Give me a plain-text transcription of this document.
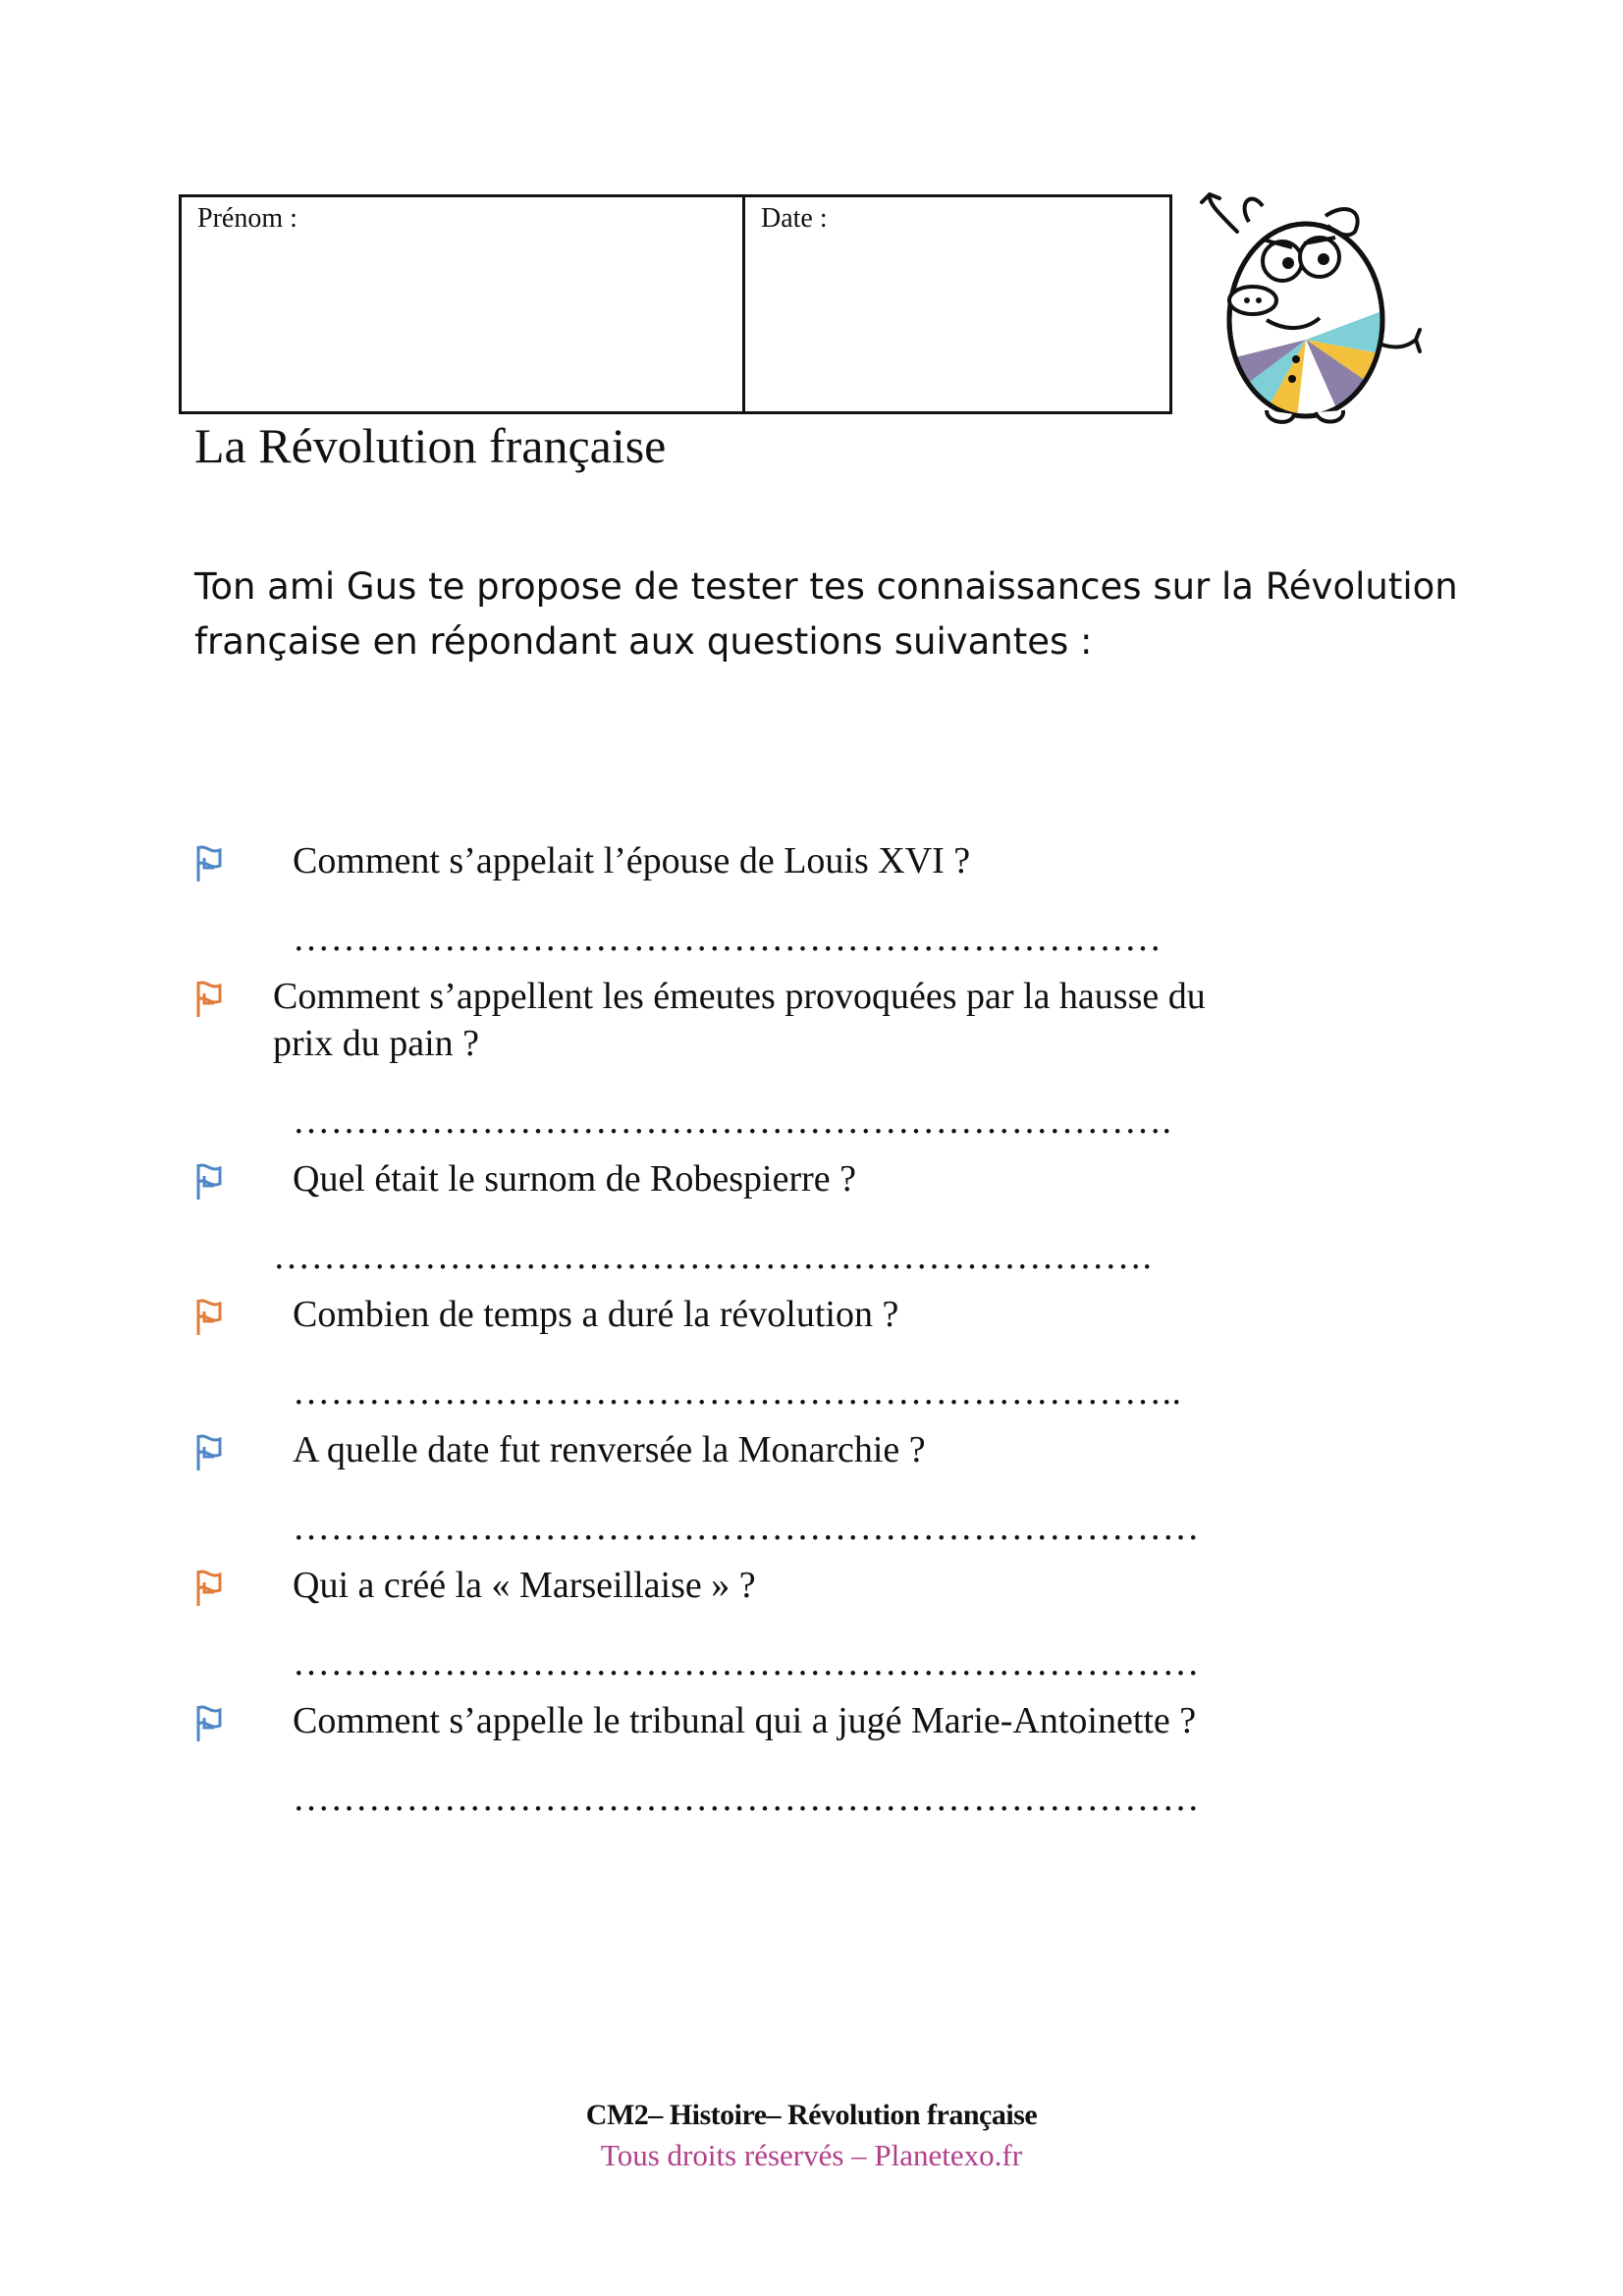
Prénom :	Date :
La Révolution française
Ton ami Gus te propose de tester tes connaissances sur la Révolution française en répondant aux questions suivantes :
Comment s’appelait l’épouse de Louis XVI ?
……………………………………………………………
Comment s’appellent les émeutes provoquées par la hausse du
prix du pain ?
…………………………………………………………….
Quel était le surnom de Robespierre ?
…………………………………………………………….
Combien de temps a duré la révolution ?
……………………………………………………………..
A quelle date fut renversée la Monarchie ?
………………………………………………………………
Qui a créé la « Marseillaise » ?
………………………………………………………………
Comment s’appelle le tribunal qui a jugé Marie-Antoinette ?
………………………………………………………………
CM2– Histoire– Révolution française
Tous droits réservés – Planetexo.fr
